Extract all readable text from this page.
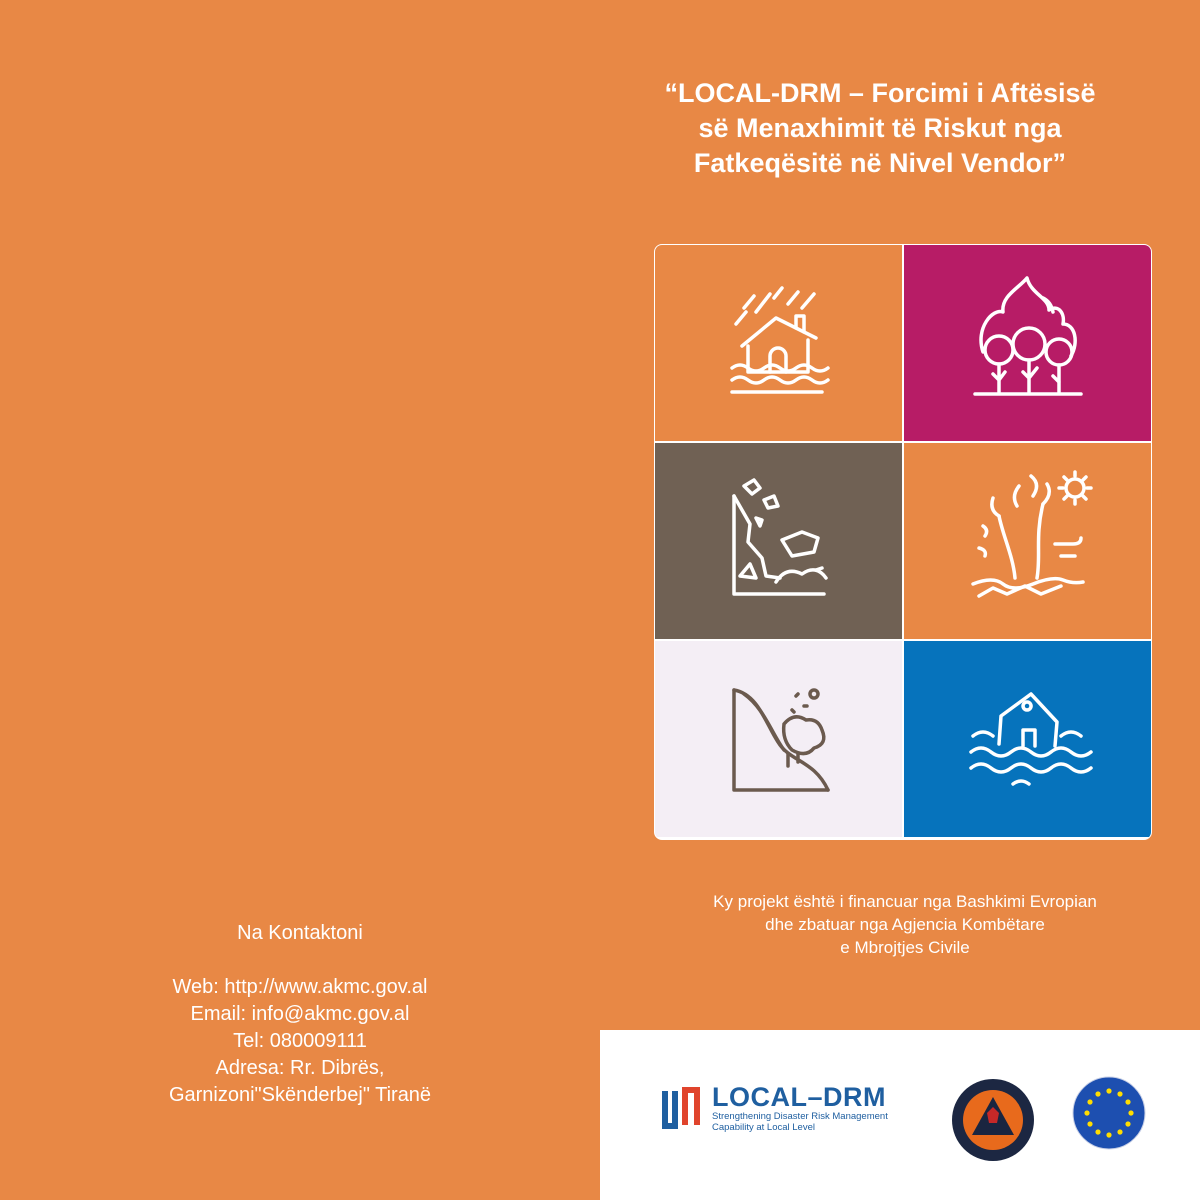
“LOCAL-DRM – Forcimi i Aftësisë
së Menaxhimit të Riskut nga
Fatkeqësitë në Nivel Vendor”
Ky projekt është i financuar nga Bashkimi Evropian
dhe zbatuar nga Agjencia Kombëtare
e Mbrojtjes Civile
Na Kontaktoni
Web: http://www.akmc.gov.al
Email: info@akmc.gov.al
Tel: 080009111
Adresa: Rr. Dibrës,
Garnizoni"Skënderbej" Tiranë	LOCAL–DRM
Strengthening Disaster Risk Management
Capability at Local Level
